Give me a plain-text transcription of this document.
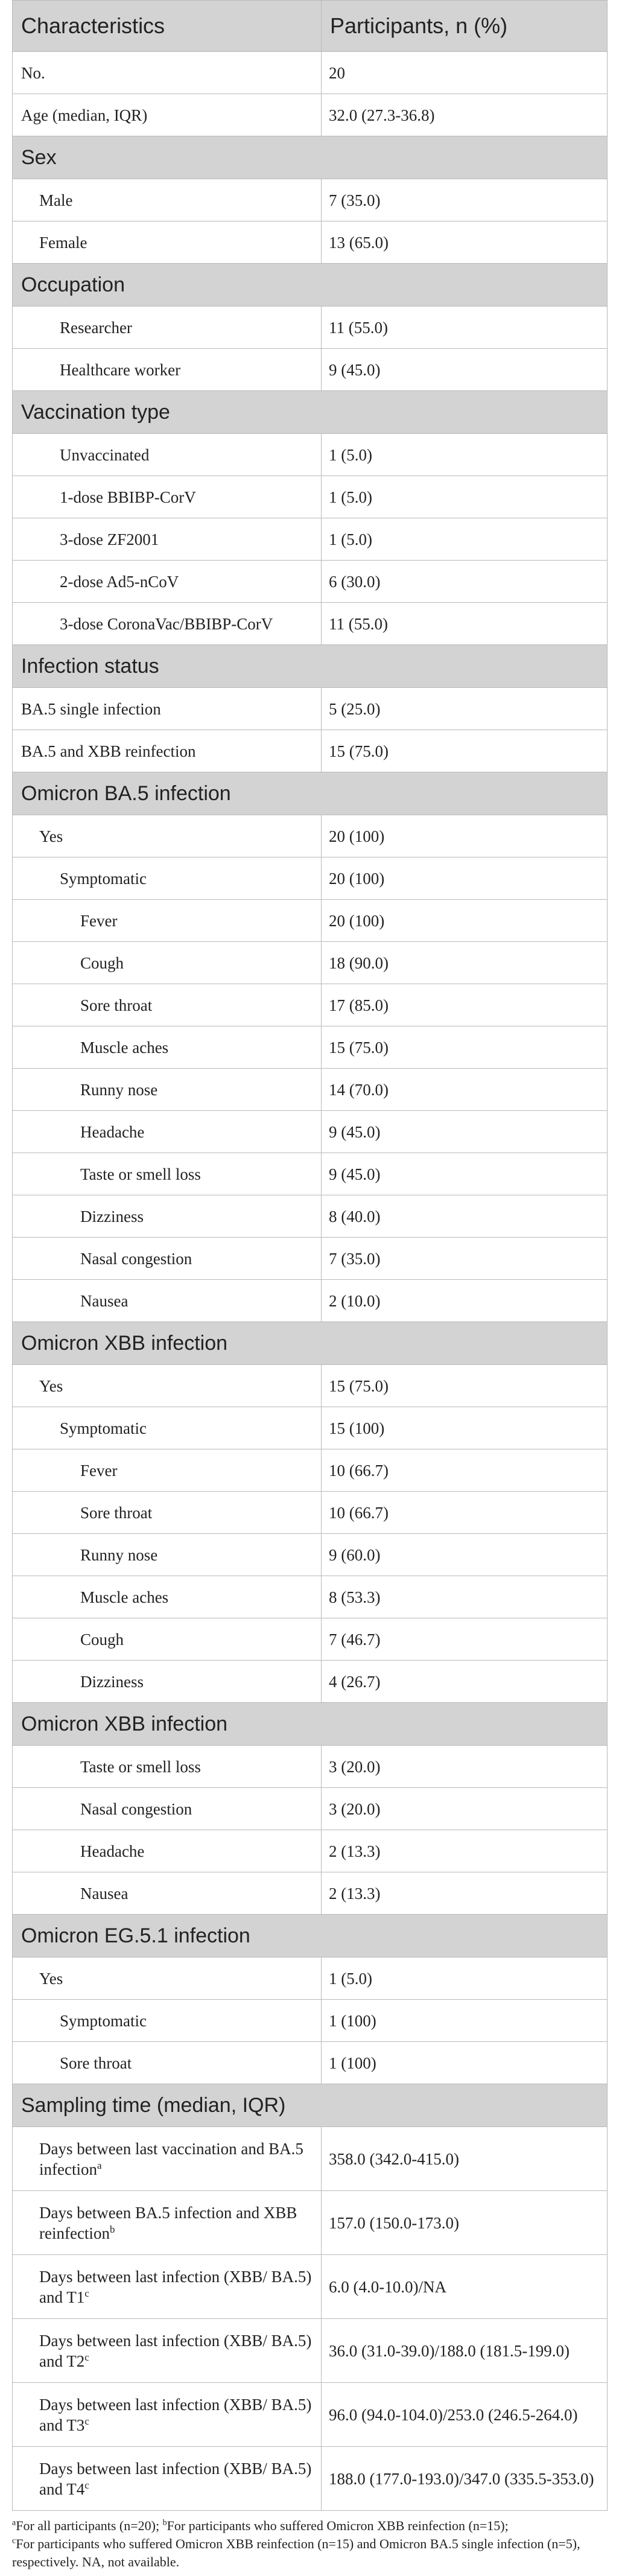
Characteristics	Participants, n (%)
No.	20
Age (median, IQR)	32.0 (27.3-36.8)
Sex	
Male	7 (35.0)
Female	13 (65.0)
Occupation	
Researcher	11 (55.0)
Healthcare worker	9 (45.0)
Vaccination type	
Unvaccinated	1 (5.0)
1-dose BBIBP-CorV	1 (5.0)
3-dose ZF2001	1 (5.0)
2-dose Ad5-nCoV	6 (30.0)
3-dose CoronaVac/BBIBP-CorV	11 (55.0)
Infection status	
BA.5 single infection	5 (25.0)
BA.5 and XBB reinfection	15 (75.0)
Omicron BA.5 infection	
Yes	20 (100)
Symptomatic	20 (100)
Fever	20 (100)
Cough	18 (90.0)
Sore throat	17 (85.0)
Muscle aches	15 (75.0)
Runny nose	14 (70.0)
Headache	9 (45.0)
Taste or smell loss	9 (45.0)
Dizziness	8 (40.0)
Nasal congestion	7 (35.0)
Nausea	2 (10.0)
Omicron XBB infection	
Yes	15 (75.0)
Symptomatic	15 (100)
Fever	10 (66.7)
Sore throat	10 (66.7)
Runny nose	9 (60.0)
Muscle aches	8 (53.3)
Cough	7 (46.7)
Dizziness	4 (26.7)
Omicron XBB infection	
Taste or smell loss	3 (20.0)
Nasal congestion	3 (20.0)
Headache	2 (13.3)
Nausea	2 (13.3)
Omicron EG.5.1 infection	
Yes	1 (5.0)
Symptomatic	1 (100)
Sore throat	1 (100)
Sampling time (median, IQR)	
Days between last vaccination and BA.5 infection$^a$	358.0 (342.0-415.0)
Days between BA.5 infection and XBB reinfection$^b$	157.0 (150.0-173.0)
Days between last infection (XBB/ BA.5) and T1$^c$	6.0 (4.0-10.0)/NA
Days between last infection (XBB/ BA.5) and T2$^c$	36.0 (31.0-39.0)/188.0 (181.5-199.0)
Days between last infection (XBB/ BA.5) and T3$^c$	96.0 (94.0-104.0)/253.0 (246.5-264.0)
Days between last infection (XBB/ BA.5) and T4$^c$	188.0 (177.0-193.0)/347.0 (335.5-353.0)
$^a$For all participants (n=20); $^b$For participants who suffered Omicron XBB reinfection (n=15);
$^c$For participants who suffered Omicron XBB reinfection (n=15) and Omicron BA.5 single infection (n=5), respectively. NA, not available.
